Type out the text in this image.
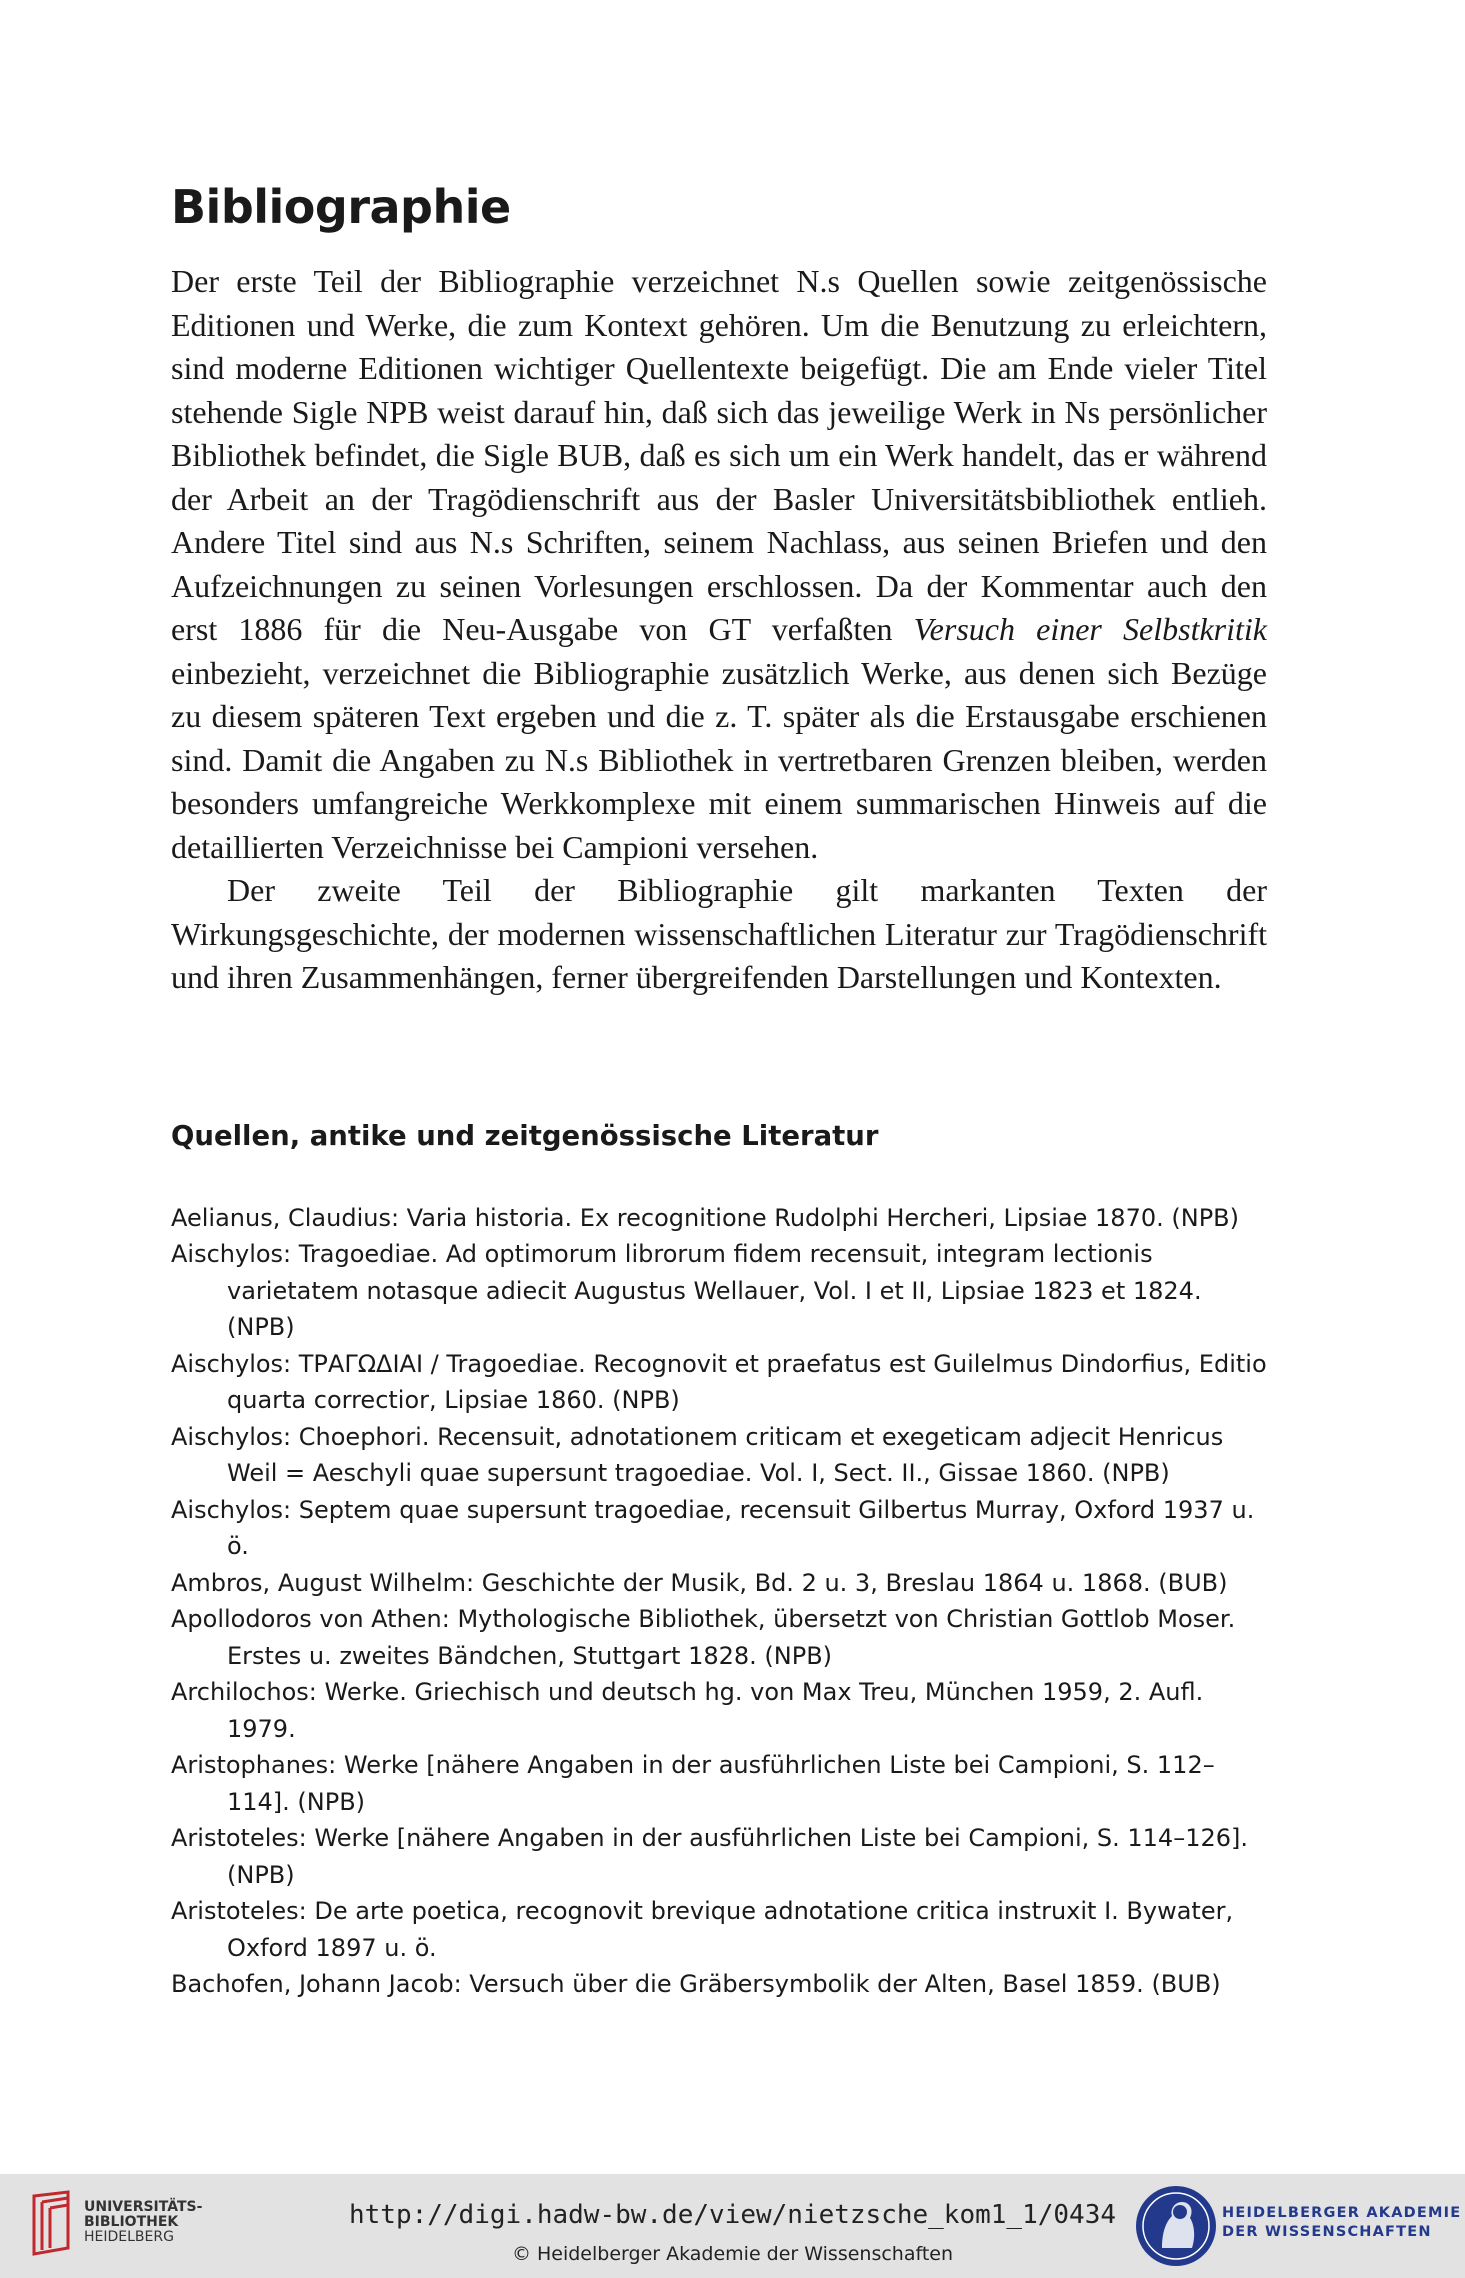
Bibliographie

Der erste Teil der Bibliographie verzeichnet N.s Quellen sowie zeitgenössische Editionen und Werke, die zum Kontext gehören. Um die Benutzung zu erleichtern, sind moderne Editionen wichtiger Quellentexte beigefügt. Die am Ende vieler Titel stehende Sigle NPB weist darauf hin, daß sich das jeweilige Werk in Ns persönlicher Bibliothek befindet, die Sigle BUB, daß es sich um ein Werk handelt, das er während der Arbeit an der Tragödienschrift aus der Basler Universitätsbibliothek entlieh. Andere Titel sind aus N.s Schriften, seinem Nachlass, aus seinen Briefen und den Aufzeichnungen zu seinen Vorlesungen erschlossen. Da der Kommentar auch den erst 1886 für die Neu-Ausgabe von GT verfaßten Versuch einer Selbstkritik einbezieht, verzeichnet die Bibliographie zusätzlich Werke, aus denen sich Bezüge zu diesem späteren Text ergeben und die z. T. später als die Erstausgabe erschienen sind. Damit die Angaben zu N.s Bibliothek in vertretbaren Grenzen bleiben, werden besonders umfangreiche Werkkomplexe mit einem summarischen Hinweis auf die detaillierten Verzeichnisse bei Campioni versehen.

Der zweite Teil der Bibliographie gilt markanten Texten der Wirkungsgeschichte, der modernen wissenschaftlichen Literatur zur Tragödienschrift und ihren Zusammenhängen, ferner übergreifenden Darstellungen und Kontexten.

Quellen, antike und zeitgenössische Literatur

Aelianus, Claudius: Varia historia. Ex recognitione Rudolphi Hercheri, Lipsiae 1870. (NPB)

Aischylos: Tragoediae. Ad optimorum librorum fidem recensuit, integram lectionis varietatem notasque adiecit Augustus Wellauer, Vol. I et II, Lipsiae 1823 et 1824. (NPB)

Aischylos: ΤΡΑΓΩΔΙΑΙ / Tragoediae. Recognovit et praefatus est Guilelmus Dindorfius, Editio quarta correctior, Lipsiae 1860. (NPB)

Aischylos: Choephori. Recensuit, adnotationem criticam et exegeticam adjecit Henricus Weil = Aeschyli quae supersunt tragoediae. Vol. I, Sect. II., Gissae 1860. (NPB)

Aischylos: Septem quae supersunt tragoediae, recensuit Gilbertus Murray, Oxford 1937 u. ö.

Ambros, August Wilhelm: Geschichte der Musik, Bd. 2 u. 3, Breslau 1864 u. 1868. (BUB)

Apollodoros von Athen: Mythologische Bibliothek, übersetzt von Christian Gottlob Moser. Erstes u. zweites Bändchen, Stuttgart 1828. (NPB)

Archilochos: Werke. Griechisch und deutsch hg. von Max Treu, München 1959, 2. Aufl. 1979.

Aristophanes: Werke [nähere Angaben in der ausführlichen Liste bei Campioni, S. 112–114]. (NPB)

Aristoteles: Werke [nähere Angaben in der ausführlichen Liste bei Campioni, S. 114–126]. (NPB)

Aristoteles: De arte poetica, recognovit brevique adnotatione critica instruxit I. Bywater, Oxford 1897 u. ö.

Bachofen, Johann Jacob: Versuch über die Gräbersymbolik der Alten, Basel 1859. (BUB)

UNIVERSITÄTS-
BIBLIOTHEK
HEIDELBERG
http://digi.hadw-bw.de/view/nietzsche_kom1_1/0434
© Heidelberger Akademie der Wissenschaften
HEIDELBERGER AKADEMIE
DER WISSENSCHAFTEN
